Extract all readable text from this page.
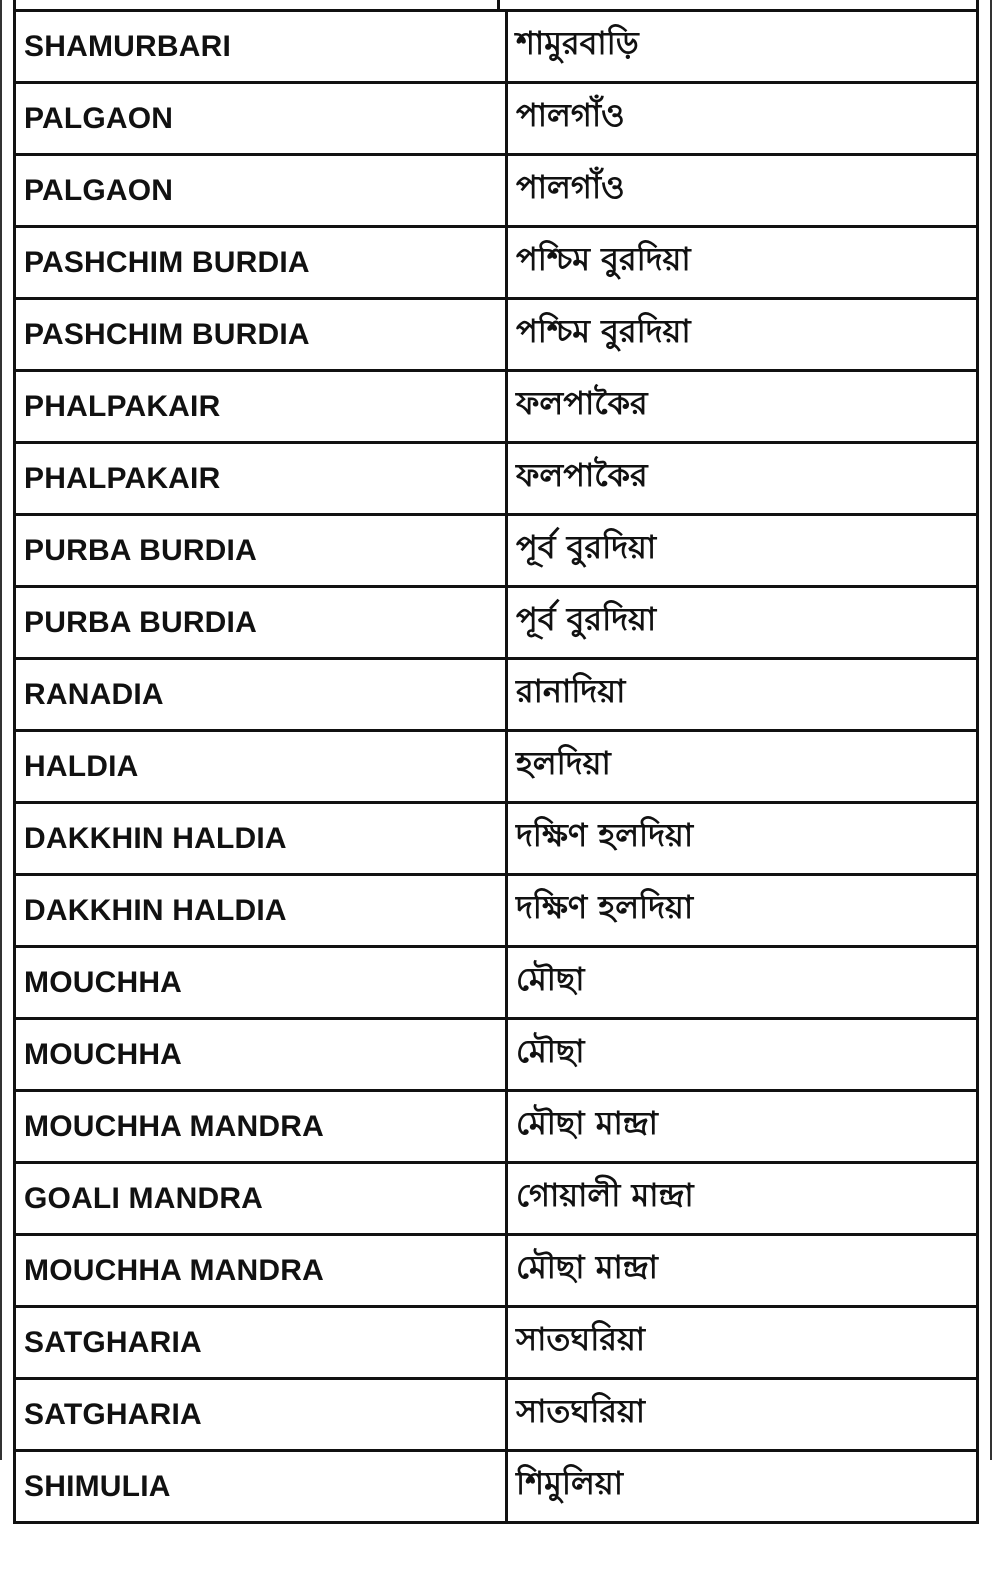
SHAMURBARI	শামুরবাড়ি
PALGAON	পালগাঁও
PALGAON	পালগাঁও
PASHCHIM BURDIA	পশ্চিম বুরদিয়া
PASHCHIM BURDIA	পশ্চিম বুরদিয়া
PHALPAKAIR	ফলপাকৈর
PHALPAKAIR	ফলপাকৈর
PURBA BURDIA	পূর্ব বুরদিয়া
PURBA BURDIA	পূর্ব বুরদিয়া
RANADIA	রানাদিয়া
HALDIA	হলদিয়া
DAKKHIN HALDIA	দক্ষিণ হলদিয়া
DAKKHIN HALDIA	দক্ষিণ হলদিয়া
MOUCHHA	মৌছা
MOUCHHA	মৌছা
MOUCHHA MANDRA	মৌছা মান্দ্রা
GOALI MANDRA	গোয়ালী মান্দ্রা
MOUCHHA MANDRA	মৌছা মান্দ্রা
SATGHARIA	সাতঘরিয়া
SATGHARIA	সাতঘরিয়া
SHIMULIA	শিমুলিয়া
